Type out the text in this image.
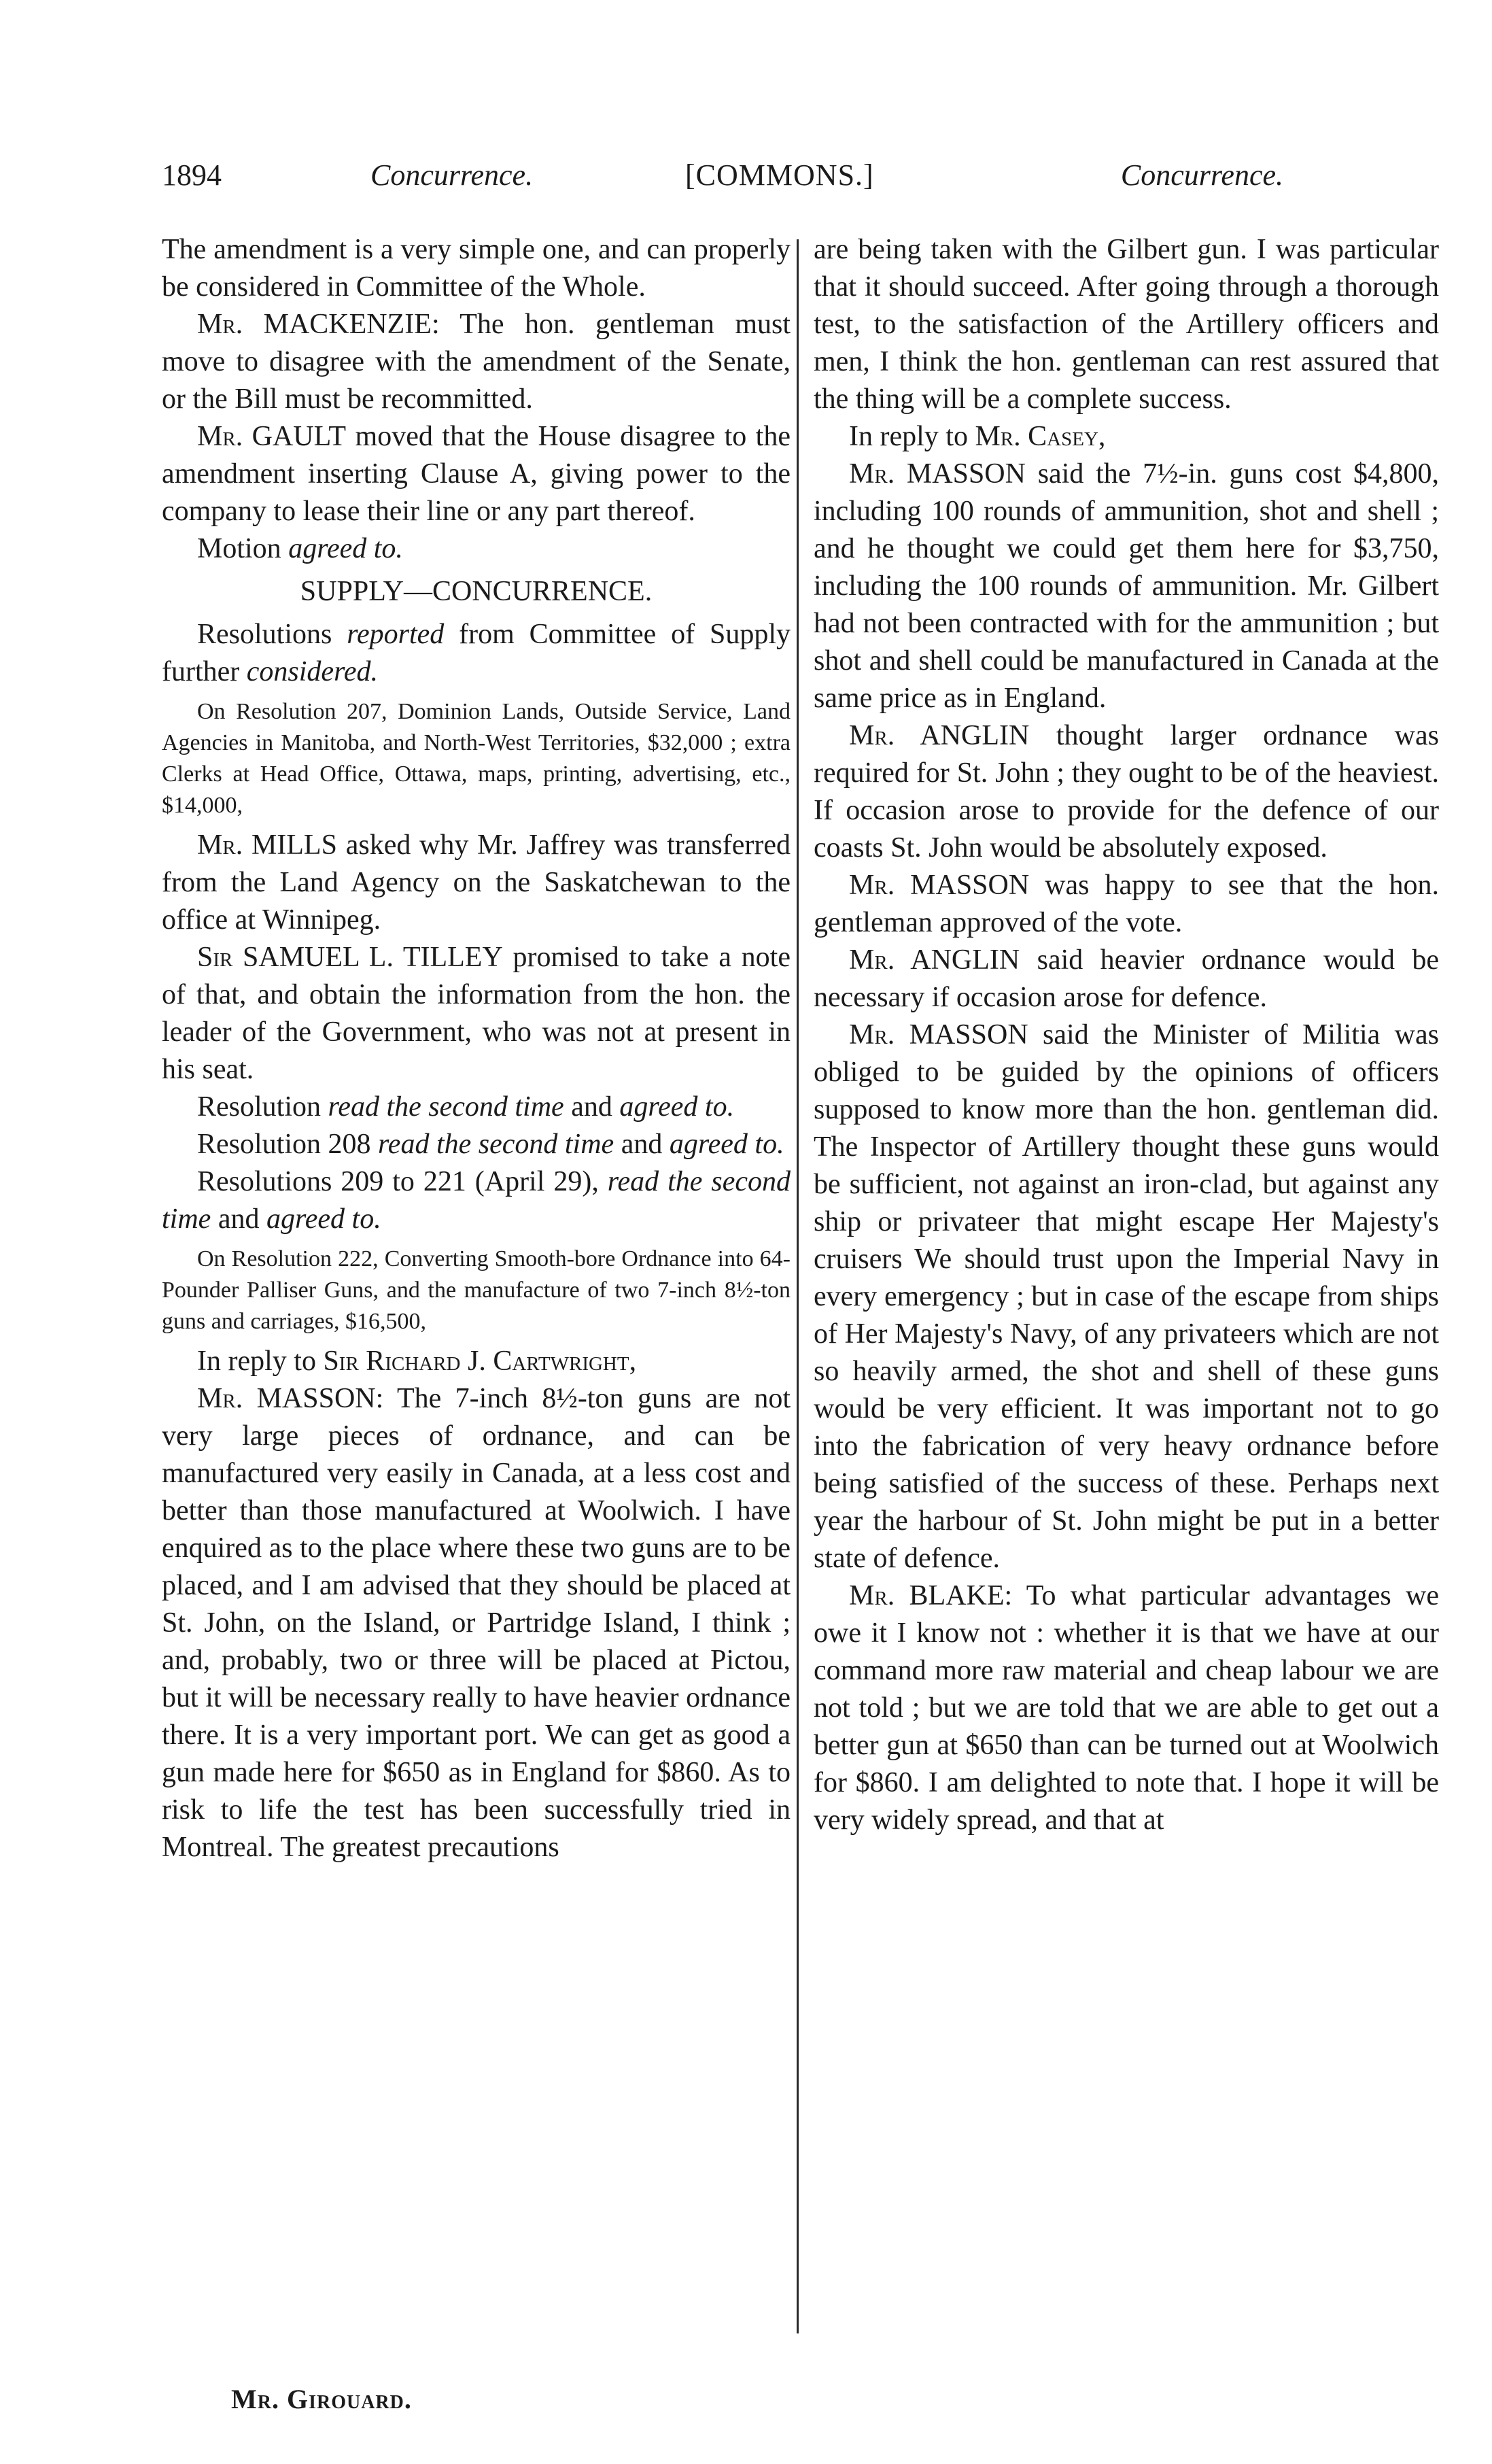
1894	Concurrence.	[COMMONS.]	Concurrence.

The amendment is a very simple one, and can properly be considered in Committee of the Whole.

Mr. MACKENZIE: The hon. gentleman must move to disagree with the amendment of the Senate, or the Bill must be recommitted.

Mr. GAULT moved that the House disagree to the amendment inserting Clause A, giving power to the company to lease their line or any part thereof.

Motion agreed to.

SUPPLY—CONCURRENCE.

Resolutions reported from Committee of Supply further considered.

On Resolution 207, Dominion Lands, Outside Service, Land Agencies in Manitoba, and North-West Territories, $32,000 ; extra Clerks at Head Office, Ottawa, maps, printing, advertising, etc., $14,000,

Mr. MILLS asked why Mr. Jaffrey was transferred from the Land Agency on the Saskatchewan to the office at Winnipeg.

Sir SAMUEL L. TILLEY promised to take a note of that, and obtain the information from the hon. the leader of the Government, who was not at present in his seat.

Resolution read the second time and agreed to.

Resolution 208 read the second time and agreed to.

Resolutions 209 to 221 (April 29), read the second time and agreed to.

On Resolution 222, Converting Smooth-bore Ordnance into 64-Pounder Palliser Guns, and the manufacture of two 7-inch 8½-ton guns and carriages, $16,500,

In reply to Sir Richard J. Cartwright,

Mr. MASSON: The 7-inch 8½-ton guns are not very large pieces of ordnance, and can be manufactured very easily in Canada, at a less cost and better than those manufactured at Woolwich. I have enquired as to the place where these two guns are to be placed, and I am advised that they should be placed at St. John, on the Island, or Partridge Island, I think ; and, probably, two or three will be placed at Pictou, but it will be necessary really to have heavier ordnance there. It is a very important port. We can get as good a gun made here for $650 as in England for $860. As to risk to life the test has been successfully tried in Montreal. The greatest precautions

are being taken with the Gilbert gun. I was particular that it should succeed. After going through a thorough test, to the satisfaction of the Artillery officers and men, I think the hon. gentleman can rest assured that the thing will be a complete success.

In reply to Mr. Casey,

Mr. MASSON said the 7½-in. guns cost $4,800, including 100 rounds of ammunition, shot and shell ; and he thought we could get them here for $3,750, including the 100 rounds of ammunition. Mr. Gilbert had not been contracted with for the ammunition ; but shot and shell could be manufactured in Canada at the same price as in England.

Mr. ANGLIN thought larger ordnance was required for St. John ; they ought to be of the heaviest. If occasion arose to provide for the defence of our coasts St. John would be absolutely exposed.

Mr. MASSON was happy to see that the hon. gentleman approved of the vote.

Mr. ANGLIN said heavier ordnance would be necessary if occasion arose for defence.

Mr. MASSON said the Minister of Militia was obliged to be guided by the opinions of officers supposed to know more than the hon. gentleman did. The Inspector of Artillery thought these guns would be sufficient, not against an iron-clad, but against any ship or privateer that might escape Her Majesty's cruisers We should trust upon the Imperial Navy in every emergency ; but in case of the escape from ships of Her Majesty's Navy, of any privateers which are not so heavily armed, the shot and shell of these guns would be very efficient. It was important not to go into the fabrication of very heavy ordnance before being satisfied of the success of these. Perhaps next year the harbour of St. John might be put in a better state of defence.

Mr. BLAKE: To what particular advantages we owe it I know not : whether it is that we have at our command more raw material and cheap labour we are not told ; but we are told that we are able to get out a better gun at $650 than can be turned out at Woolwich for $860. I am delighted to note that. I hope it will be very widely spread, and that at

Mr. Girouard.
